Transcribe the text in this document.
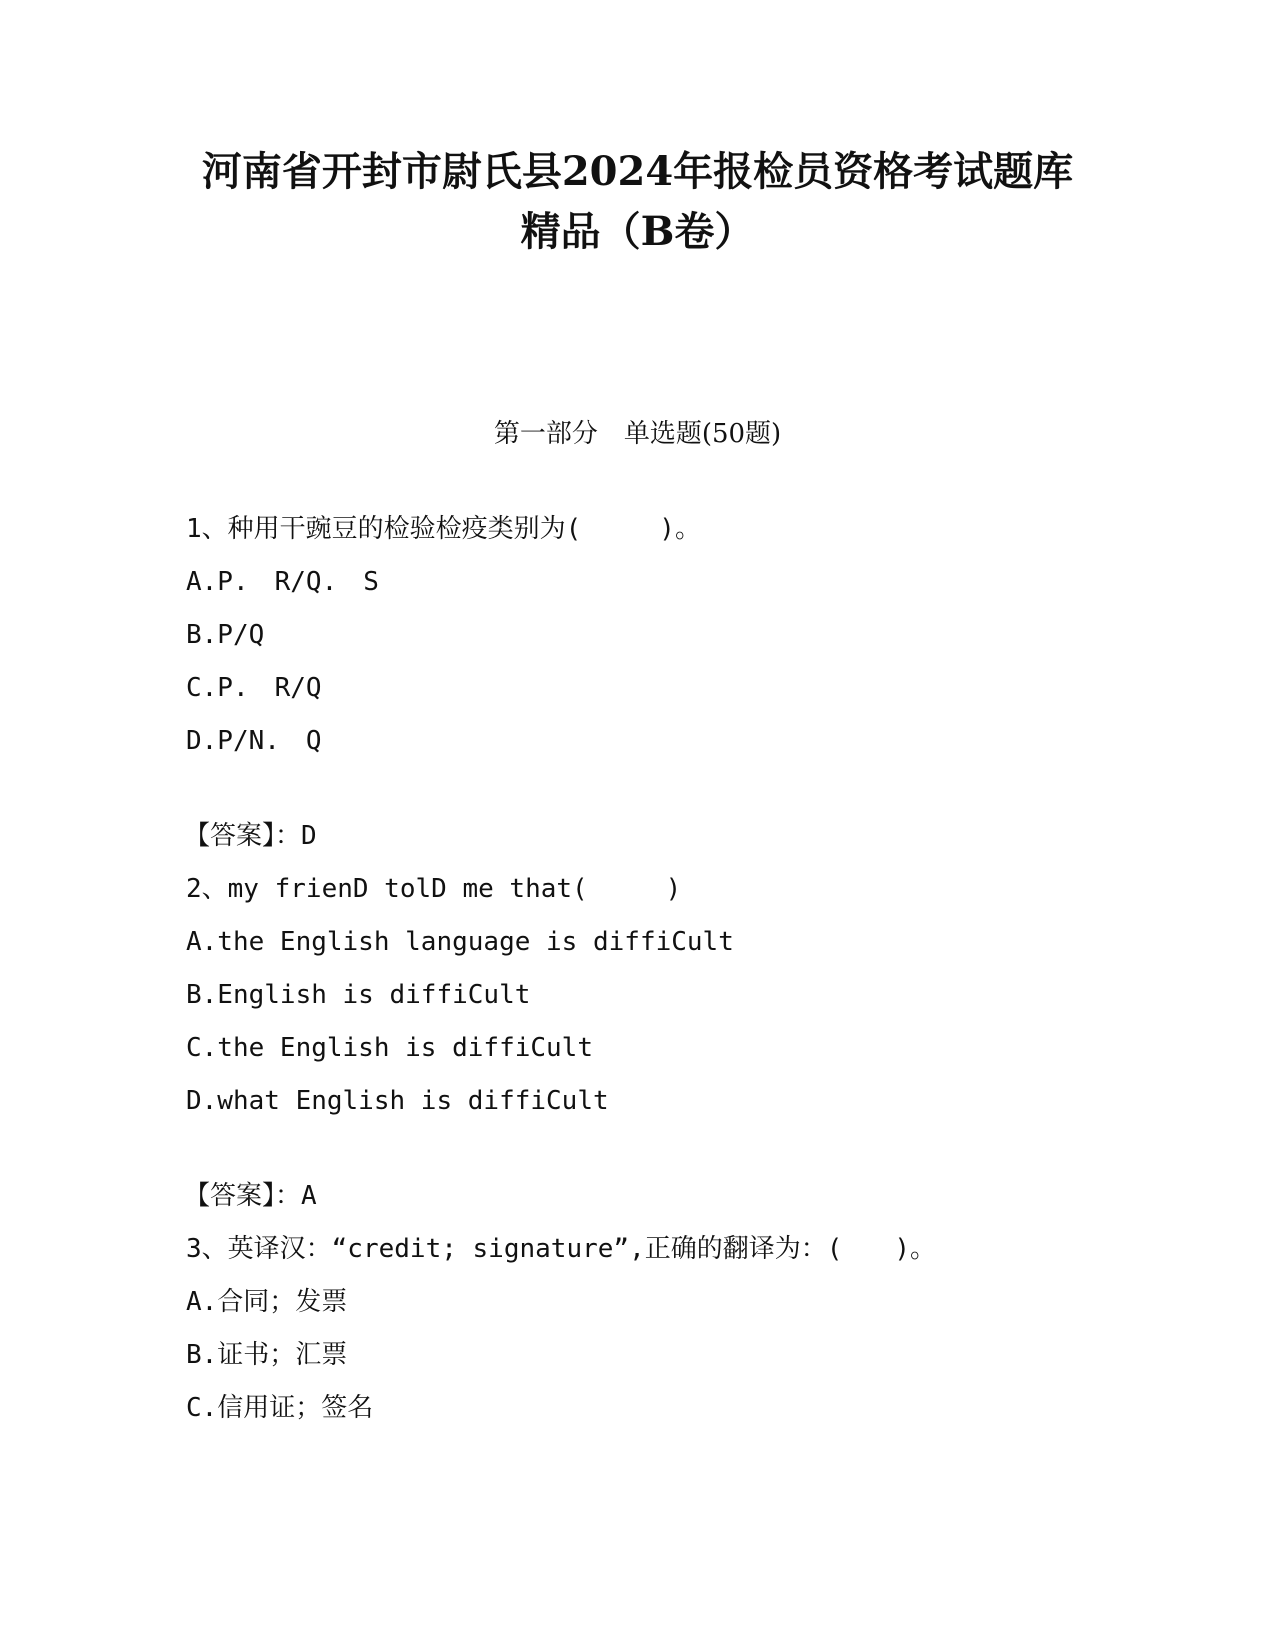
河南省开封市尉氏县2024年报检员资格考试题库
精品（B卷）

第一部分　单选题(50题)

1、种用干豌豆的检验检疫类别为(　　　)。

A.P.　R/Q.　S

B.P/Q

C.P.　R/Q

D.P/N.　Q

【答案】：D

2、my frienD tolD me that(　　　)

A.the English language is diffiCult

B.English is diffiCult

C.the English is diffiCult

D.what English is diffiCult

【答案】：A

3、英译汉：“credit; signature”,正确的翻译为：(　　)。

A.合同；发票

B.证书；汇票

C.信用证；签名
